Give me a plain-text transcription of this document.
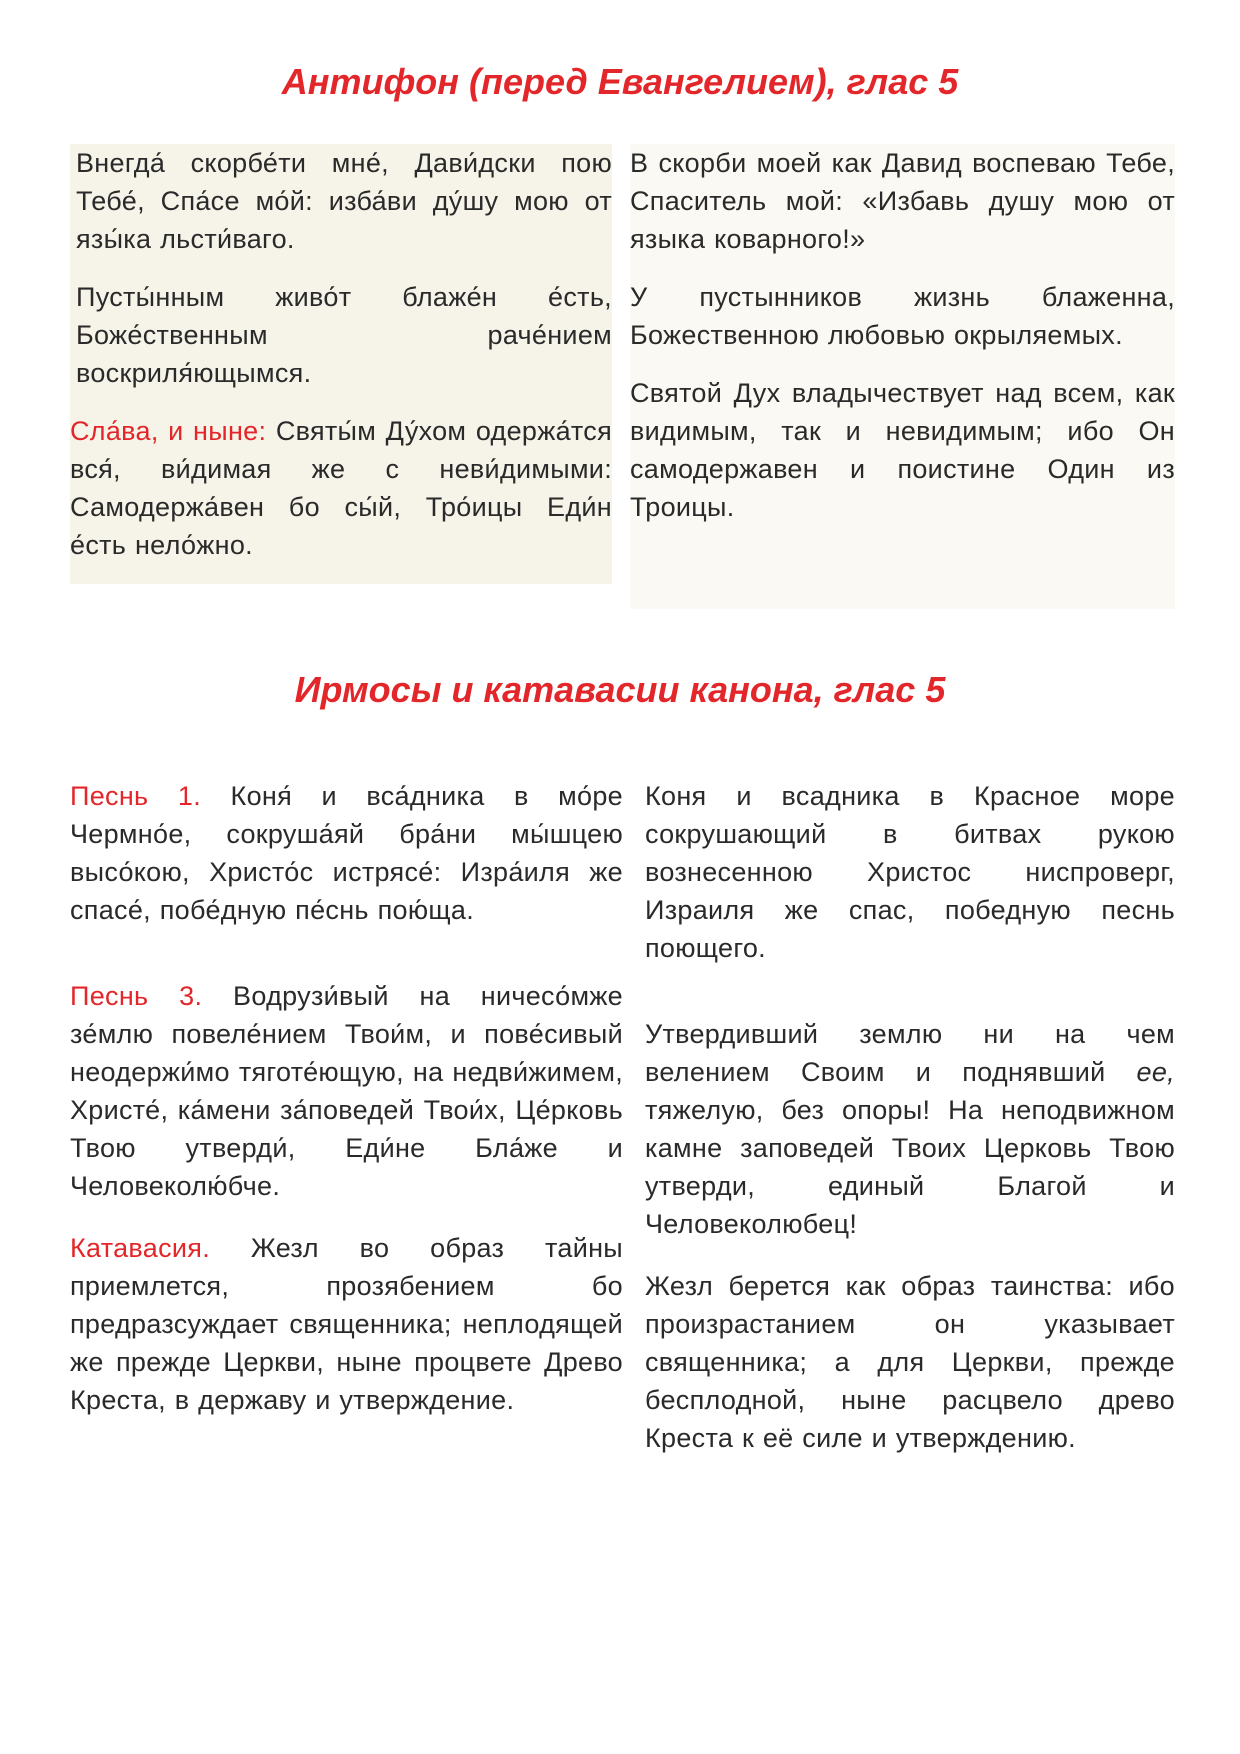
Антифон (перед Евангелием), глас 5

Внегда́ скорбе́ти мне́, Дави́дски пою Тебе́, Спа́се мо́й: изба́ви ду́шу мою от язы́ка льсти́ваго.

Пусты́нным живо́т блаже́н е́сть, Боже́ственным раче́нием воскриля́ющымся.

Сла́ва, и ныне: Святы́м Ду́хом одержа́тся вся́, ви́димая же с неви́димыми: Самодержа́вен бо сы́й, Тро́ицы Еди́н е́сть нело́жно.

В скорби моей как Давид воспеваю Тебе, Спаситель мой: «Избавь душу мою от языка коварного!»

У пустынников жизнь блаженна, Божественною любовью окрыляемых.

Святой Дух владычествует над всем, как видимым, так и невидимым; ибо Он самодержавен и поистине Один из Троицы.

Ирмосы и катавасии канона, глас 5

Песнь 1. Коня́ и вса́дника в мо́ре Чермно́е, сокруша́яй бра́ни мы́шцею высо́кою, Христо́с истрясе́: Изра́иля же спасе́, побе́дную пе́снь пою́ща.

Песнь 3. Водрузи́вый на ничесо́мже зе́млю повеле́нием Твои́м, и пове́сивый неодержи́мо тяготе́ющую, на недви́жимем, Христе́, ка́мени за́поведей Твои́х, Це́рковь Твою утверди́, Еди́не Бла́же и Человеколю́бче.

Катавасия. Жезл во образ тайны приемлется, прозябением бо предразсуждает священника; неплодящей же прежде Церкви, ныне процвете Древо Креста, в державу и утверждение.

Коня и всадника в Красное море сокрушающий в битвах рукою вознесенною Христос ниспроверг, Израиля же спас, победную песнь поющего.

Утвердивший землю ни на чем велением Своим и поднявший ее, тяжелую, без опоры! На неподвижном камне заповедей Твоих Церковь Твою утверди, единый Благой и Человеколюбец!

Жезл берется как образ таинства: ибо произрастанием он указывает священника; а для Церкви, прежде бесплодной, ныне расцвело древо Креста к её силе и утверждению.
